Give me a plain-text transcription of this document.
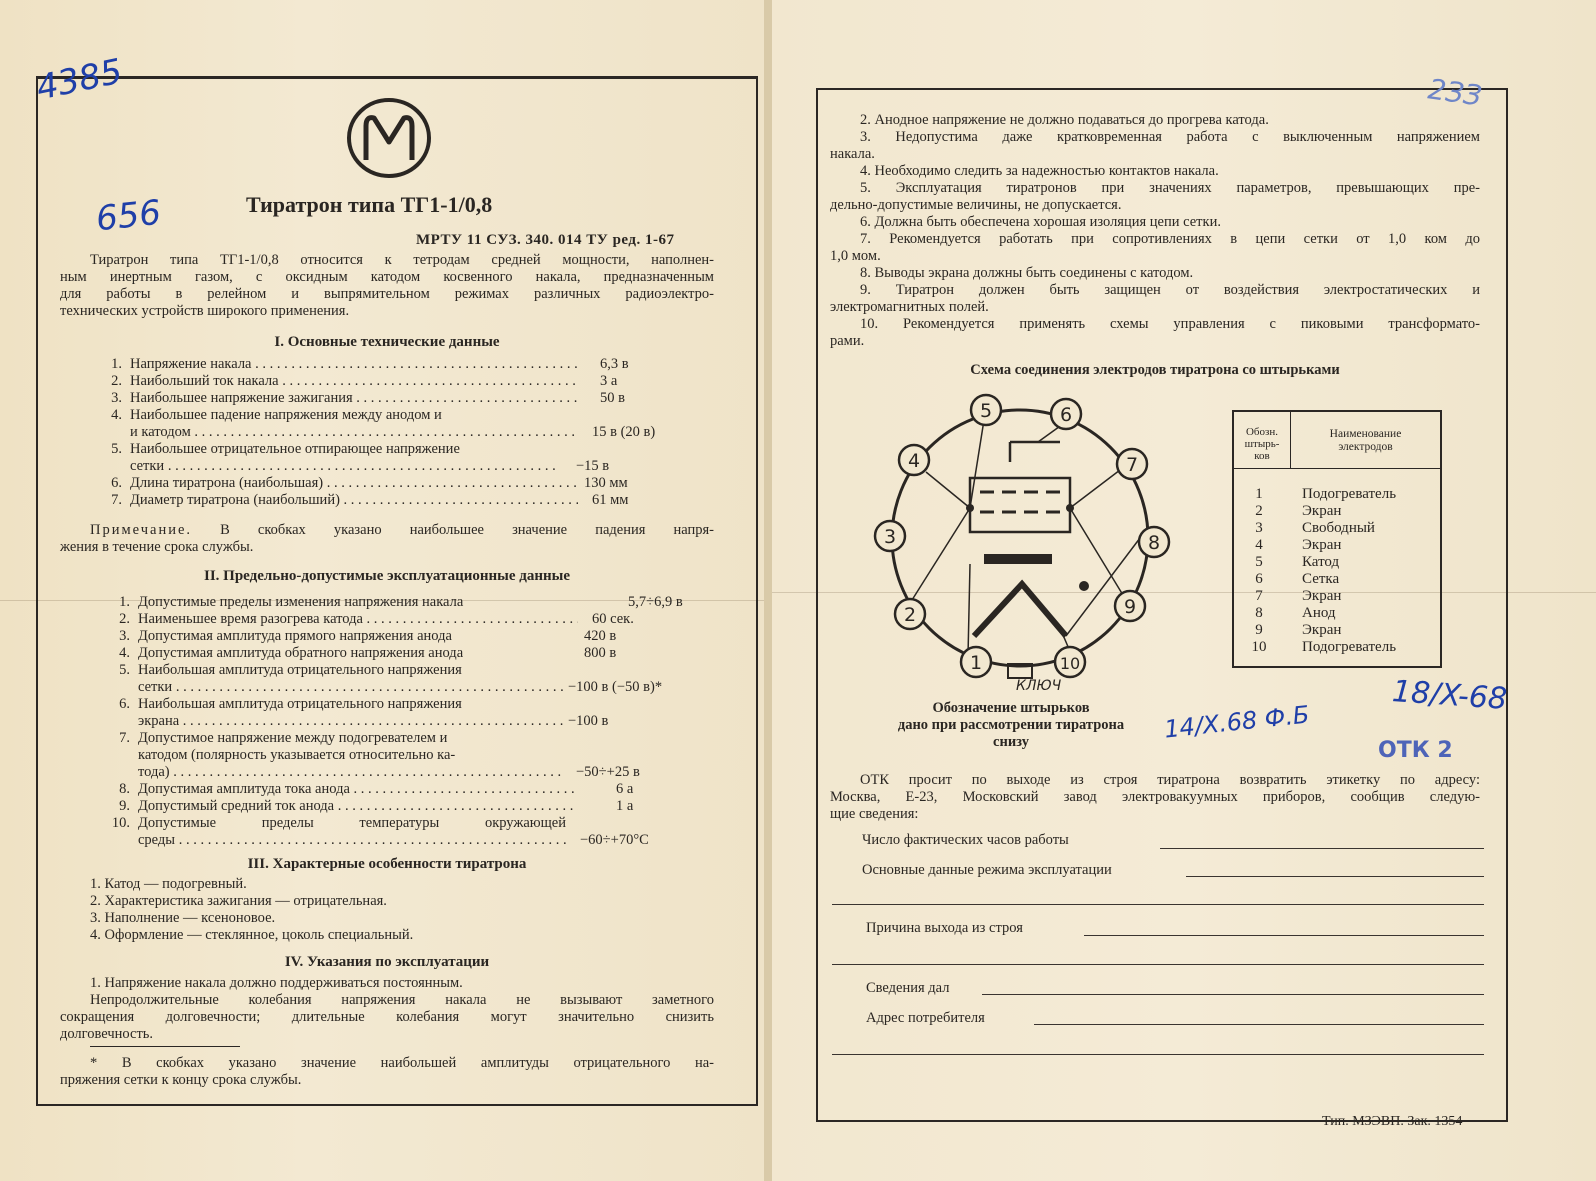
4385
656	Тиратрон типа ТГ1-1/0,8
МРТУ 11 СУЗ. 340. 014 ТУ ред. 1-67
Тиратрон типа ТГ1-1/0,8 относится к тетродам средней мощности, наполнен-
ным инертным газом, с оксидным катодом косвенного накала, предназначенным
для работы в релейном и выпрямительном режимах различных радиоэлектро-
технических устройств широкого применения.
I. Основные технические данные
1. Напряжение накала . . .	6,3 в
2. Наибольший ток накала . . .	3 а
3. Наибольшее напряжение зажигания . . .	50 в
4. Наибольшее падение напряжения между анодом и
и катодом . . .	15 в (20 в)
5. Наибольшее отрицательное отпирающее напряжение
сетки . . .	−15 в
6. Длина тиратрона (наибольшая) . . .	130 мм
7. Диаметр тиратрона (наибольший) . . .	61 мм
Примечание. В скобках указано наибольшее значение падения напря-
жения в течение срока службы.
II. Предельно-допустимые эксплуатационные данные
1. Допустимые пределы изменения напряжения накала	5,7÷6,9 в
2. Наименьшее время разогрева катода . . .	60 сек.
3. Допустимая амплитуда прямого напряжения анода	420 в
4. Допустимая амплитуда обратного напряжения анода	800 в
5. Наибольшая амплитуда отрицательного напряжения
сетки . . .	−100 в (−50 в)*
6. Наибольшая амплитуда отрицательного напряжения
экрана . . .	−100 в
7. Допустимое напряжение между подогревателем и
катодом (полярность указывается относительно ка-
тода) . . .	−50÷+25 в
8. Допустимая амплитуда тока анода . . .	6 а
9. Допустимый средний ток анода . . .	1 а
10. Допустимые пределы температуры окружающей
среды . . .	−60÷+70°С
III. Характерные особенности тиратрона
1. Катод — подогревный.
2. Характеристика зажигания — отрицательная.
3. Наполнение — ксеноновое.
4. Оформление — стеклянное, цоколь специальный.
IV. Указания по эксплуатации
1. Напряжение накала должно поддерживаться постоянным.
Непродолжительные колебания напряжения накала не вызывают заметного
сокращения долговечности; длительные колебания могут значительно снизить
долговечность.
* В скобках указано значение наибольшей амплитуды отрицательного на-
пряжения сетки к концу срока службы.
2ЗЗ
2. Анодное напряжение не должно подаваться до прогрева катода.
3. Недопустима даже кратковременная работа с выключенным напряжением
накала.
4. Необходимо следить за надежностью контактов накала.
5. Эксплуатация тиратронов при значениях параметров, превышающих пре-
дельно-допустимые величины, не допускается.
6. Должна быть обеспечена хорошая изоляция цепи сетки.
7. Рекомендуется работать при сопротивлениях в цепи сетки от 1,0 ком до
1,0 мом.
8. Выводы экрана должны быть соединены с катодом.
9. Тиратрон должен быть защищен от воздействия электростатических и
электромагнитных полей.
10. Рекомендуется применять схемы управления с пиковыми трансформато-
рами.
Схема соединения электродов тиратрона со штырьками
1
2
3
4
5	6
7
8
9
10
КЛЮЧ
Обозначение штырьков
дано при рассмотрении тиратрона
снизу	14/X.68 Ф.Б
Обозн.
штырь-
ков
Наименование
электродов
1	Подогреватель
2	Экран
3	Свободный
4	Экран
5	Катод
6	Сетка
7	Экран
8	Анод
9	Экран
10	Подогреватель
18/X-68
ОТК 2
ОТК просит по выходе из строя тиратрона возвратить этикетку по адресу:
Москва, Е-23, Московский завод электровакуумных приборов, сообщив следую-
щие сведения:
Число фактических часов работы
Основные данные режима эксплуатации
Причина выхода из строя
Сведения дал
Адрес потребителя
Тип. МЗЭВП. Зак. 1354
